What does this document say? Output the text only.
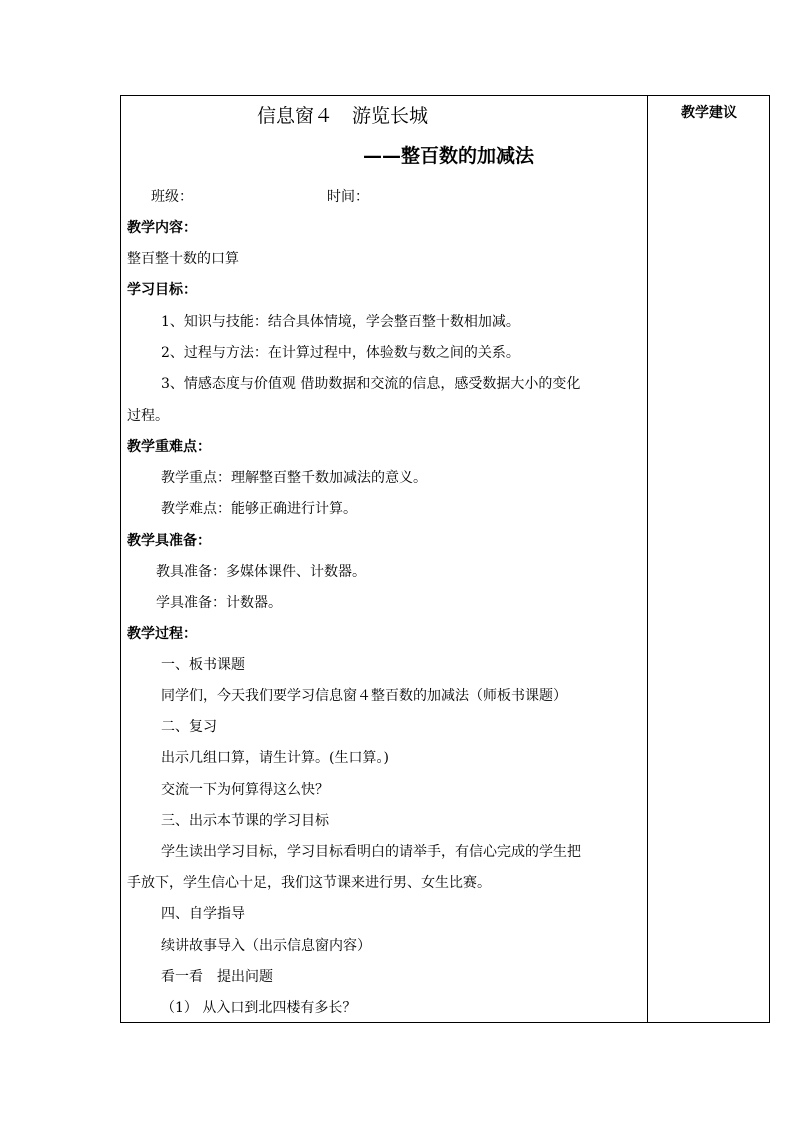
信息窗４　游览长城
——整百数的加减法
班级：	时间：
教学内容：
整百整十数的口算
学习目标：
1、知识与技能：结合具体情境，学会整百整十数相加减。
2、过程与方法：在计算过程中，体验数与数之间的关系。
3、情感态度与价值观 借助数据和交流的信息，感受数据大小的变化
过程。
教学重难点：
教学重点：理解整百整千数加减法的意义。
教学难点：能够正确进行计算。
教学具准备：
教具准备：多媒体课件、计数器。
学具准备：计数器。
教学过程：
一、板书课题
同学们，今天我们要学习信息窗４整百数的加减法（师板书课题）
二、复习
出示几组口算，请生计算。(生口算。)
交流一下为何算得这么快？
三、出示本节课的学习目标
学生读出学习目标，学习目标看明白的请举手，有信心完成的学生把
手放下，学生信心十足，我们这节课来进行男、女生比赛。
四、自学指导
续讲故事导入（出示信息窗内容）
看一看　提出问题
（1） 从入口到北四楼有多长？
教学建议
